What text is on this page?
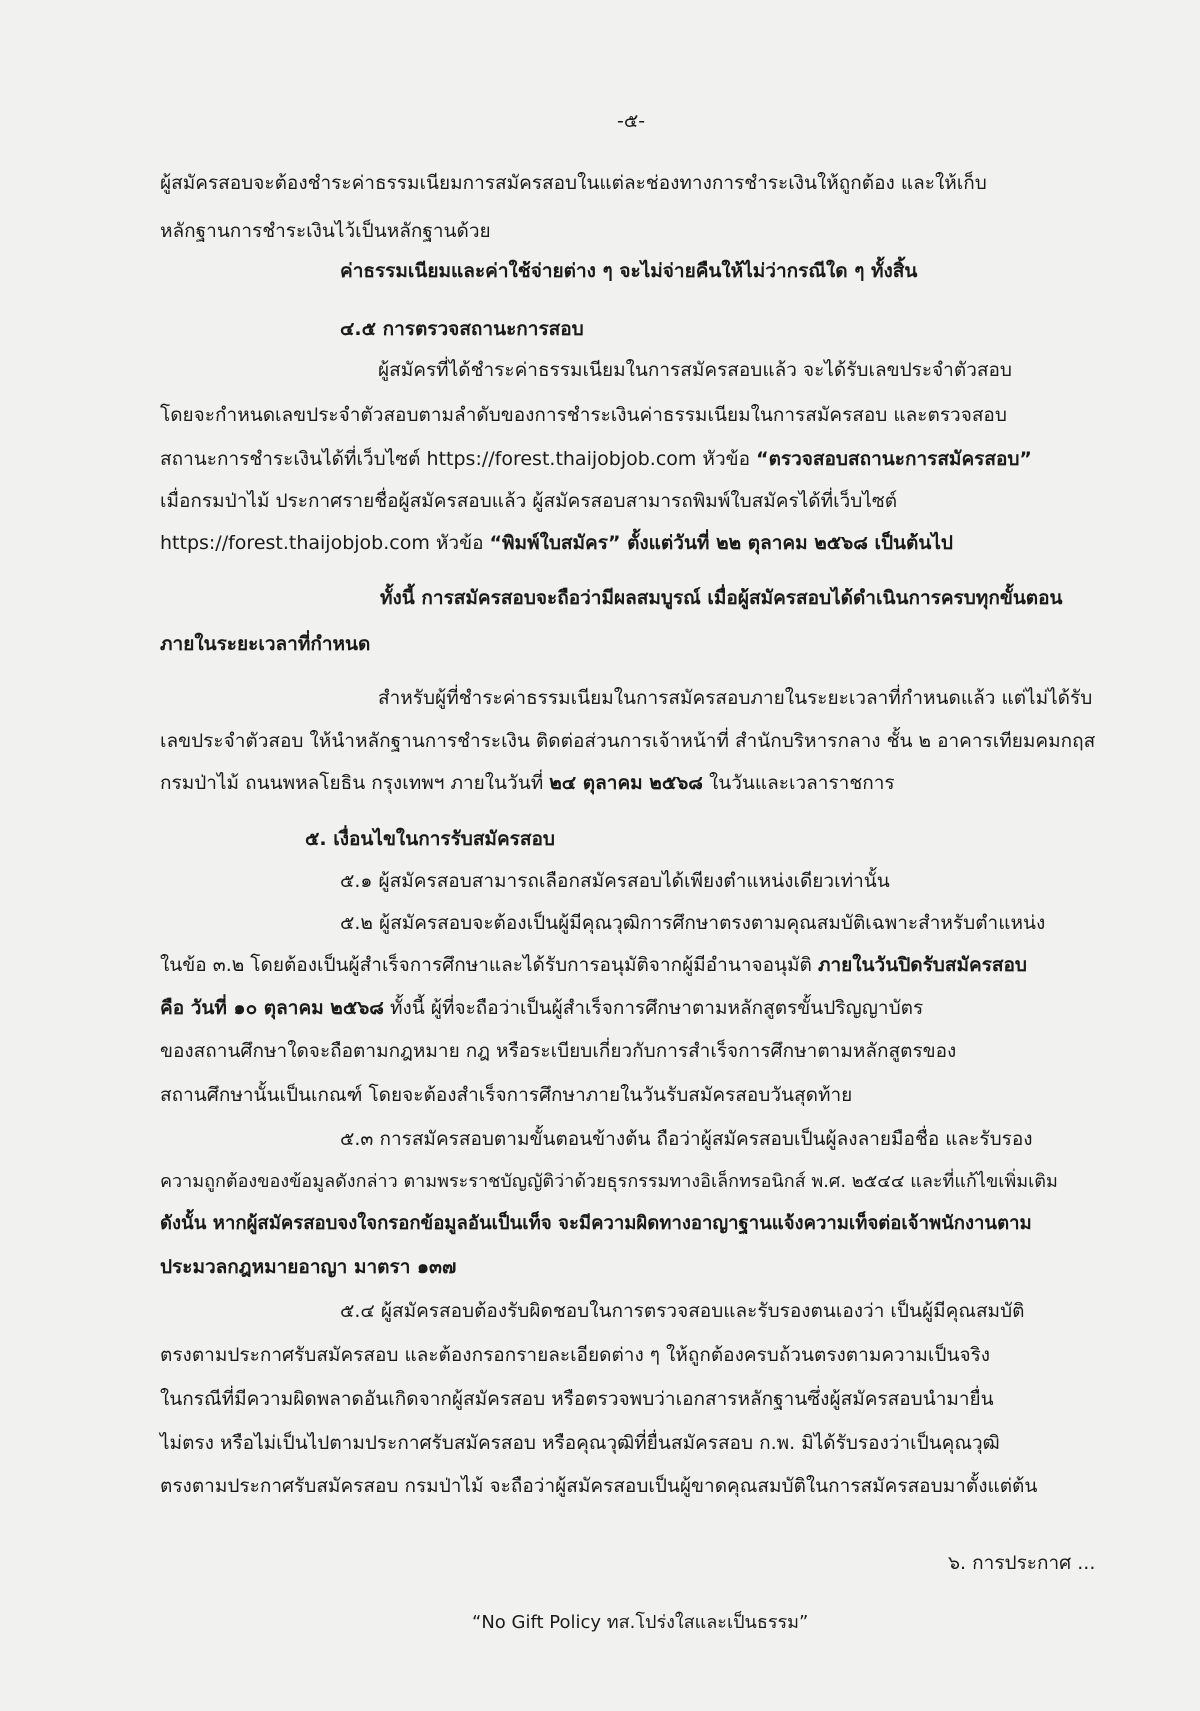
-๕-
ผู้สมัครสอบจะต้องชำระค่าธรรมเนียมการสมัครสอบในแต่ละช่องทางการชำระเงินให้ถูกต้อง และให้เก็บ
หลักฐานการชำระเงินไว้เป็นหลักฐานด้วย
ค่าธรรมเนียมและค่าใช้จ่ายต่าง ๆ จะไม่จ่ายคืนให้ไม่ว่ากรณีใด ๆ ทั้งสิ้น
๔.๕ การตรวจสถานะการสอบ
ผู้สมัครที่ได้ชำระค่าธรรมเนียมในการสมัครสอบแล้ว จะได้รับเลขประจำตัวสอบ
โดยจะกำหนดเลขประจำตัวสอบตามลำดับของการชำระเงินค่าธรรมเนียมในการสมัครสอบ และตรวจสอบ
สถานะการชำระเงินได้ที่เว็บไซต์ https://forest.thaijobjob.com หัวข้อ “ตรวจสอบสถานะการสมัครสอบ”
เมื่อกรมป่าไม้ ประกาศรายชื่อผู้สมัครสอบแล้ว ผู้สมัครสอบสามารถพิมพ์ใบสมัครได้ที่เว็บไซต์
https://forest.thaijobjob.com หัวข้อ “พิมพ์ใบสมัคร” ตั้งแต่วันที่ ๒๒ ตุลาคม ๒๕๖๘ เป็นต้นไป
ทั้งนี้ การสมัครสอบจะถือว่ามีผลสมบูรณ์ เมื่อผู้สมัครสอบได้ดำเนินการครบทุกขั้นตอน
ภายในระยะเวลาที่กำหนด
สำหรับผู้ที่ชำระค่าธรรมเนียมในการสมัครสอบภายในระยะเวลาที่กำหนดแล้ว แต่ไม่ได้รับ
เลขประจำตัวสอบ ให้นำหลักฐานการชำระเงิน ติดต่อส่วนการเจ้าหน้าที่ สำนักบริหารกลาง ชั้น ๒ อาคารเทียมคมกฤส
กรมป่าไม้ ถนนพหลโยธิน กรุงเทพฯ ภายในวันที่ ๒๔ ตุลาคม ๒๕๖๘ ในวันและเวลาราชการ
๕. เงื่อนไขในการรับสมัครสอบ
๕.๑ ผู้สมัครสอบสามารถเลือกสมัครสอบได้เพียงตำแหน่งเดียวเท่านั้น
๕.๒ ผู้สมัครสอบจะต้องเป็นผู้มีคุณวุฒิการศึกษาตรงตามคุณสมบัติเฉพาะสำหรับตำแหน่ง
ในข้อ ๓.๒ โดยต้องเป็นผู้สำเร็จการศึกษาและได้รับการอนุมัติจากผู้มีอำนาจอนุมัติ ภายในวันปิดรับสมัครสอบ
คือ วันที่ ๑๐ ตุลาคม ๒๕๖๘ ทั้งนี้ ผู้ที่จะถือว่าเป็นผู้สำเร็จการศึกษาตามหลักสูตรขั้นปริญญาบัตร
ของสถานศึกษาใดจะถือตามกฎหมาย กฎ หรือระเบียบเกี่ยวกับการสำเร็จการศึกษาตามหลักสูตรของ
สถานศึกษานั้นเป็นเกณฑ์ โดยจะต้องสำเร็จการศึกษาภายในวันรับสมัครสอบวันสุดท้าย
๕.๓ การสมัครสอบตามขั้นตอนข้างต้น ถือว่าผู้สมัครสอบเป็นผู้ลงลายมือชื่อ และรับรอง
ความถูกต้องของข้อมูลดังกล่าว ตามพระราชบัญญัติว่าด้วยธุรกรรมทางอิเล็กทรอนิกส์ พ.ศ. ๒๕๔๔ และที่แก้ไขเพิ่มเติม
ดังนั้น หากผู้สมัครสอบจงใจกรอกข้อมูลอันเป็นเท็จ จะมีความผิดทางอาญาฐานแจ้งความเท็จต่อเจ้าพนักงานตาม
ประมวลกฎหมายอาญา มาตรา ๑๓๗
๕.๔ ผู้สมัครสอบต้องรับผิดชอบในการตรวจสอบและรับรองตนเองว่า เป็นผู้มีคุณสมบัติ
ตรงตามประกาศรับสมัครสอบ และต้องกรอกรายละเอียดต่าง ๆ ให้ถูกต้องครบถ้วนตรงตามความเป็นจริง
ในกรณีที่มีความผิดพลาดอันเกิดจากผู้สมัครสอบ หรือตรวจพบว่าเอกสารหลักฐานซึ่งผู้สมัครสอบนำมายื่น
ไม่ตรง หรือไม่เป็นไปตามประกาศรับสมัครสอบ หรือคุณวุฒิที่ยื่นสมัครสอบ ก.พ. มิได้รับรองว่าเป็นคุณวุฒิ
ตรงตามประกาศรับสมัครสอบ กรมป่าไม้ จะถือว่าผู้สมัครสอบเป็นผู้ขาดคุณสมบัติในการสมัครสอบมาตั้งแต่ต้น
๖. การประกาศ ...
“No Gift Policy ทส.โปร่งใสและเป็นธรรม”
